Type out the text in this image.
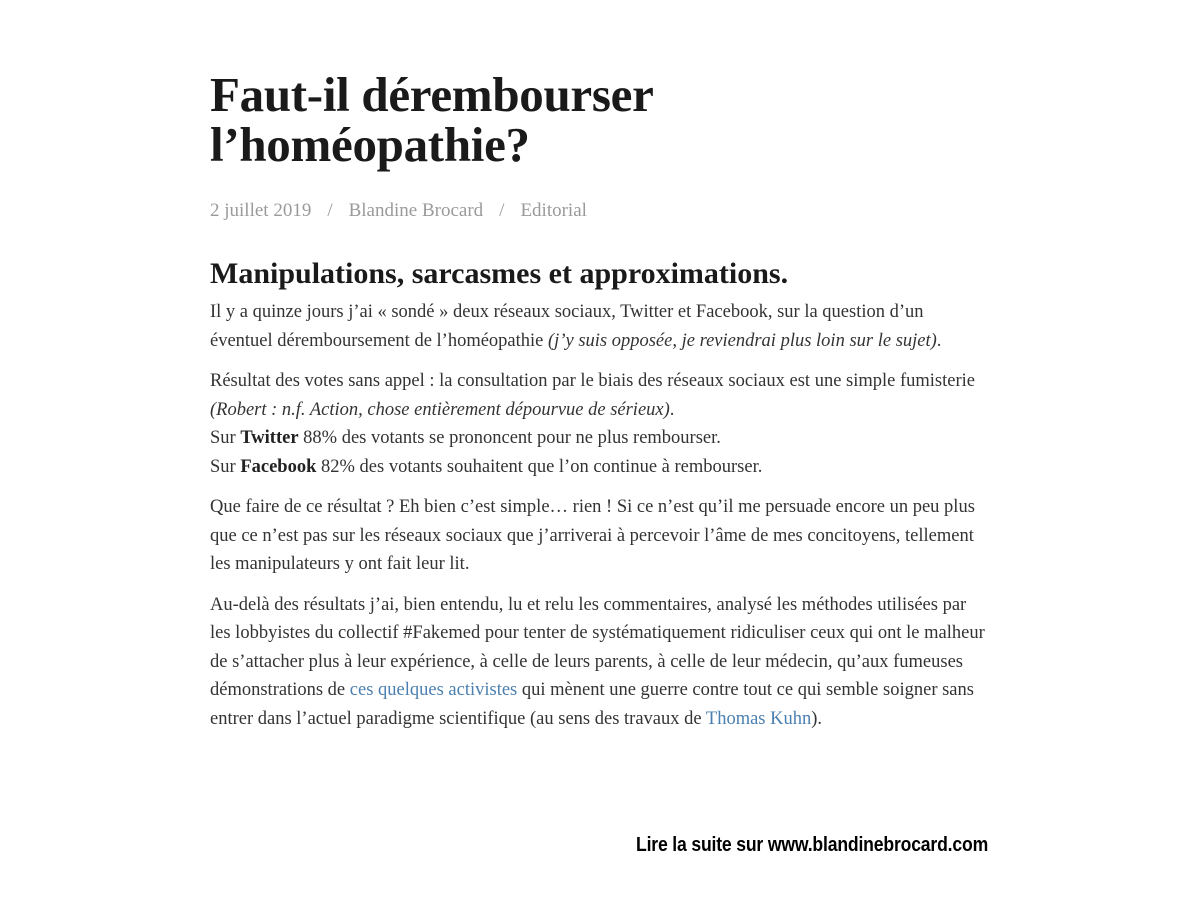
Faut-il dérembourser
l’homéopathie?
2 juillet 2019 / Blandine Brocard / Editorial
Manipulations, sarcasmes et approximations.

Il y a quinze jours j’ai « sondé » deux réseaux sociaux, Twitter et Facebook, sur la question d’un éventuel déremboursement de l’homéopathie (j’y suis opposée, je reviendrai plus loin sur le sujet).

Résultat des votes sans appel : la consultation par le biais des réseaux sociaux est une simple fumisterie (Robert : n.f. Action, chose entièrement dépourvue de sérieux).
Sur Twitter 88% des votants se prononcent pour ne plus rembourser.
Sur Facebook 82% des votants souhaitent que l’on continue à rembourser.

Que faire de ce résultat ? Eh bien c’est simple… rien ! Si ce n’est qu’il me persuade encore un peu plus que ce n’est pas sur les réseaux sociaux que j’arriverai à percevoir l’âme de mes concitoyens, tellement les manipulateurs y ont fait leur lit.

Au-delà des résultats j’ai, bien entendu, lu et relu les commentaires, analysé les méthodes utilisées par les lobbyistes du collectif #Fakemed pour tenter de systématiquement ridiculiser ceux qui ont le malheur de s’attacher plus à leur expérience, à celle de leurs parents, à celle de leur médecin, qu’aux fumeuses démonstrations de ces quelques activistes qui mènent une guerre contre tout ce qui semble soigner sans entrer dans l’actuel paradigme scientifique (au sens des travaux de Thomas Kuhn).

Lire la suite sur www.blandinebrocard.com
